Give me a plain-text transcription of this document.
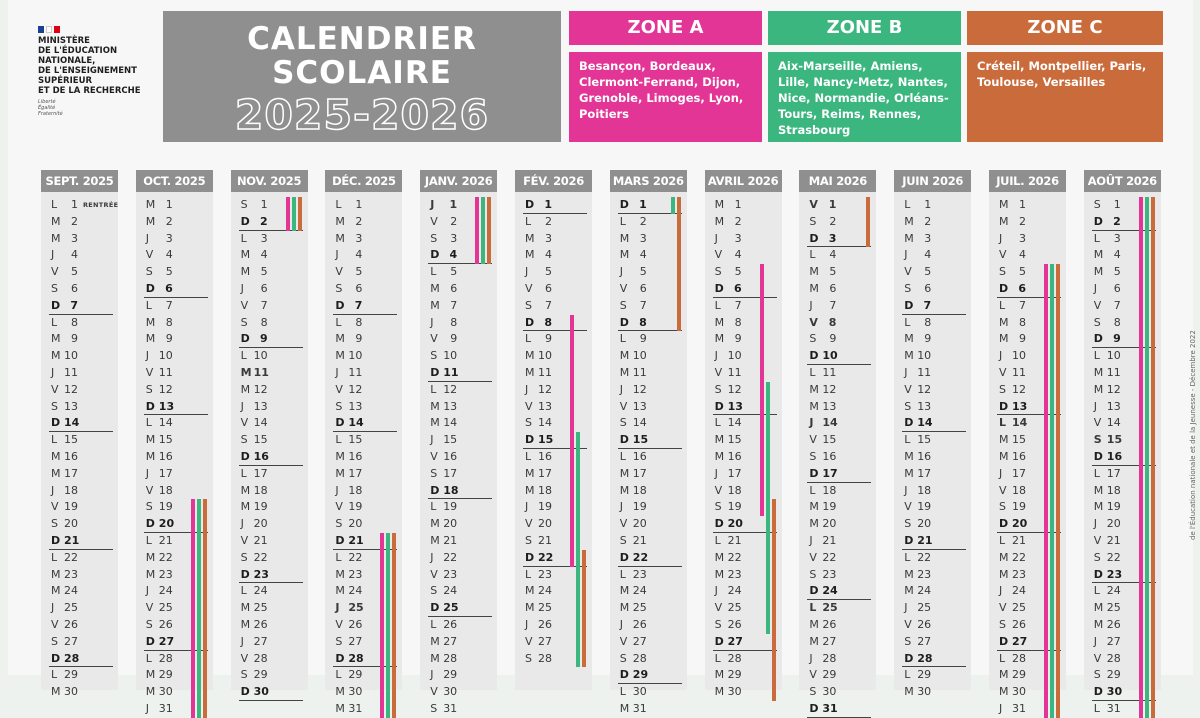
MINISTÈRE
DE L'ÉDUCATION
NATIONALE,
DE L'ENSEIGNEMENT
SUPÉRIEUR
ET DE LA RECHERCHE
Liberté
Égalité
Fraternité
CALENDRIER
SCOLAIRE
2025-2026
ZONE A
Besançon, Bordeaux, Clermont-Ferrand, Dijon, Grenoble, Limoges, Lyon, Poitiers
ZONE B
Aix-Marseille, Amiens, Lille, Nancy-Metz, Nantes, Nice, Normandie, Orléans-Tours, Reims, Rennes, Strasbourg
ZONE C
Créteil, Montpellier, Paris, Toulouse, Versailles
SEPT. 2025
L 1 RENTRÉE
M 2
M 3
J 4
V 5
S 6
D 7
L 8
M 9
M 10
J 11
V 12
S 13
D 14
L 15
M 16
M 17
J 18
V 19
S 20
D 21
L 22
M 23
M 24
J 25
V 26
S 27
D 28
L 29
M 30
OCT. 2025
M 1
M 2
J 3
V 4
S 5
D 6
L 7
M 8
M 9
J 10
V 11
S 12
D 13
L 14
M 15
M 16
J 17
V 18
S 19
D 20
L 21
M 22
M 23
J 24
V 25
S 26
D 27
L 28
M 29
M 30
J 31
NOV. 2025
S 1
D 2
L 3
M 4
M 5
J 6
V 7
S 8
D 9
L 10
M 11
M 12
J 13
V 14
S 15
D 16
L 17
M 18
M 19
J 20
V 21
S 22
D 23
L 24
M 25
M 26
J 27
V 28
S 29
D 30
DÉC. 2025
L 1
M 2
M 3
J 4
V 5
S 6
D 7
L 8
M 9
M 10
J 11
V 12
S 13
D 14
L 15
M 16
M 17
J 18
V 19
S 20
D 21
L 22
M 23
M 24
J 25
V 26
S 27
D 28
L 29
M 30
M 31
JANV. 2026
J 1
V 2
S 3
D 4
L 5
M 6
M 7
J 8
V 9
S 10
D 11
L 12
M 13
M 14
J 15
V 16
S 17
D 18
L 19
M 20
M 21
J 22
V 23
S 24
D 25
L 26
M 27
M 28
J 29
V 30
S 31
FÉV. 2026
D 1
L 2
M 3
M 4
J 5
V 6
S 7
D 8
L 9
M 10
M 11
J 12
V 13
S 14
D 15
L 16
M 17
M 18
J 19
V 20
S 21
D 22
L 23
M 24
M 25
J 26
V 27
S 28
MARS 2026
D 1
L 2
M 3
M 4
J 5
V 6
S 7
D 8
L 9
M 10
M 11
J 12
V 13
S 14
D 15
L 16
M 17
M 18
J 19
V 20
S 21
D 22
L 23
M 24
M 25
J 26
V 27
S 28
D 29
L 30
M 31
AVRIL 2026
M 1
M 2
J 3
V 4
S 5
D 6
L 7
M 8
M 9
J 10
V 11
S 12
D 13
L 14
M 15
M 16
J 17
V 18
S 19
D 20
L 21
M 22
M 23
J 24
V 25
S 26
D 27
L 28
M 29
M 30
MAI 2026
V 1
S 2
D 3
L 4
M 5
M 6
J 7
V 8
S 9
D 10
L 11
M 12
M 13
J 14
V 15
S 16
D 17
L 18
M 19
M 20
J 21
V 22
S 23
D 24
L 25
M 26
M 27
J 28
V 29
S 30
D 31
JUIN 2026
L 1
M 2
M 3
J 4
V 5
S 6
D 7
L 8
M 9
M 10
J 11
V 12
S 13
D 14
L 15
M 16
M 17
J 18
V 19
S 20
D 21
L 22
M 23
M 24
J 25
V 26
S 27
D 28
L 29
M 30
JUIL. 2026
M 1
M 2
J 3
V 4
S 5
D 6
L 7
M 8
M 9
J 10
V 11
S 12
D 13
L 14
M 15
M 16
J 17
V 18
S 19
D 20
L 21
M 22
M 23
J 24
V 25
S 26
D 27
L 28
M 29
M 30
J 31
AOÛT 2026
S 1
D 2
L 3
M 4
M 5
J 6
V 7
S 8
D 9
L 10
M 11
M 12
J 13
V 14
S 15
D 16
L 17
M 18
M 19
J 20
V 21
S 22
D 23
L 24
M 25
M 26
J 27
V 28
S 29
D 30
L 31
de l'Éducation nationale et de la Jeunesse - Décembre 2022
